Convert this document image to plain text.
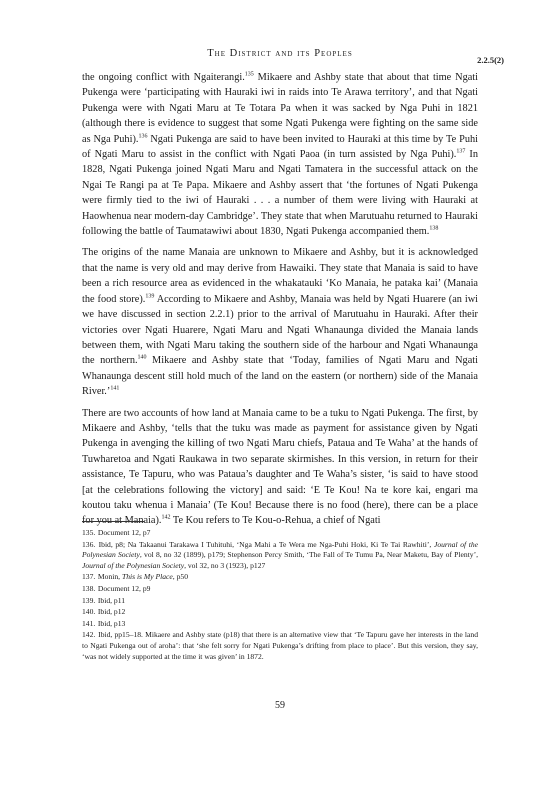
The District and its Peoples
2.2.5(2)

the ongoing conflict with Ngaiterangi.$^{135}$ Mikaere and Ashby state that about that time Ngati Pukenga were ‘participating with Hauraki iwi in raids into Te Arawa territory’, and that Ngati Pukenga were with Ngati Maru at Te Totara Pa when it was sacked by Nga Puhi in 1821 (although there is evidence to suggest that some Ngati Pukenga were fighting on the same side as Nga Puhi).$^{136}$ Ngati Pukenga are said to have been invited to Hauraki at this time by Te Puhi of Ngati Maru to assist in the conflict with Ngati Paoa (in turn assisted by Nga Puhi).$^{137}$ In 1828, Ngati Pukenga joined Ngati Maru and Ngati Tamatera in the successful attack on the Ngai Te Rangi pa at Te Papa. Mikaere and Ashby assert that ‘the fortunes of Ngati Pukenga were firmly tied to the iwi of Hauraki . . . a number of them were living with Hauraki at Haowhenua near modern-day Cambridge’. They state that when Marutuahu returned to Hauraki following the battle of Taumatawiwi about 1830, Ngati Pukenga accompanied them.$^{138}$

The origins of the name Manaia are unknown to Mikaere and Ashby, but it is acknowledged that the name is very old and may derive from Hawaiki. They state that Manaia is said to have been a rich resource area as evidenced in the whakatauki ‘Ko Manaia, he pataka kai’ (Manaia the food store).$^{139}$ According to Mikaere and Ashby, Manaia was held by Ngati Huarere (an iwi we have discussed in section 2.2.1) prior to the arrival of Marutuahu in Hauraki. After their victories over Ngati Huarere, Ngati Maru and Ngati Whanaunga divided the Manaia lands between them, with Ngati Maru taking the southern side of the harbour and Ngati Whanaunga the northern.$^{140}$ Mikaere and Ashby state that ‘Today, families of Ngati Maru and Ngati Whanaunga descent still hold much of the land on the eastern (or northern) side of the Manaia River.’$^{141}$

There are two accounts of how land at Manaia came to be a tuku to Ngati Pukenga. The first, by Mikaere and Ashby, ‘tells that the tuku was made as payment for assistance given by Ngati Pukenga in avenging the killing of two Ngati Maru chiefs, Pataua and Te Waha’ at the hands of Tuwharetoa and Ngati Raukawa in two separate skirmishes. In this version, in return for their assistance, Te Tapuru, who was Pataua’s daughter and Te Waha’s sister, ‘is said to have stood [at the celebrations following the victory] and said: ‘E Te Kou! Na te kore kai, engari ma koutou taku whenua i Manaia’ (Te Kou! Because there is no food (here), there can be a place for you at Manaia).$^{142}$ Te Kou refers to Te Kou-o-Rehua, a chief of Ngati

135. Document 12, p7
136. Ibid, p8; Na Takaanui Tarakawa I Tuhituhi, ‘Nga Mahi a Te Wera me Nga-Puhi Hoki, Ki Te Tai Rawhiti’, Journal of the Polynesian Society, vol 8, no 32 (1899), p179; Stephenson Percy Smith, ‘The Fall of Te Tumu Pa, Near Maketu, Bay of Plenty’, Journal of the Polynesian Society, vol 32, no 3 (1923), p127
137. Monin, This is My Place, p50
138. Document 12, p9
139. Ibid, p11
140. Ibid, p12
141. Ibid, p13
142. Ibid, pp15–18. Mikaere and Ashby state (p18) that there is an alternative view that ‘Te Tapuru gave her interests in the land to Ngati Pukenga out of aroha’: that ‘she felt sorry for Ngati Pukenga’s drifting from place to place’. But this version, they say, ‘was not widely supported at the time it was given’ in 1872.
59
